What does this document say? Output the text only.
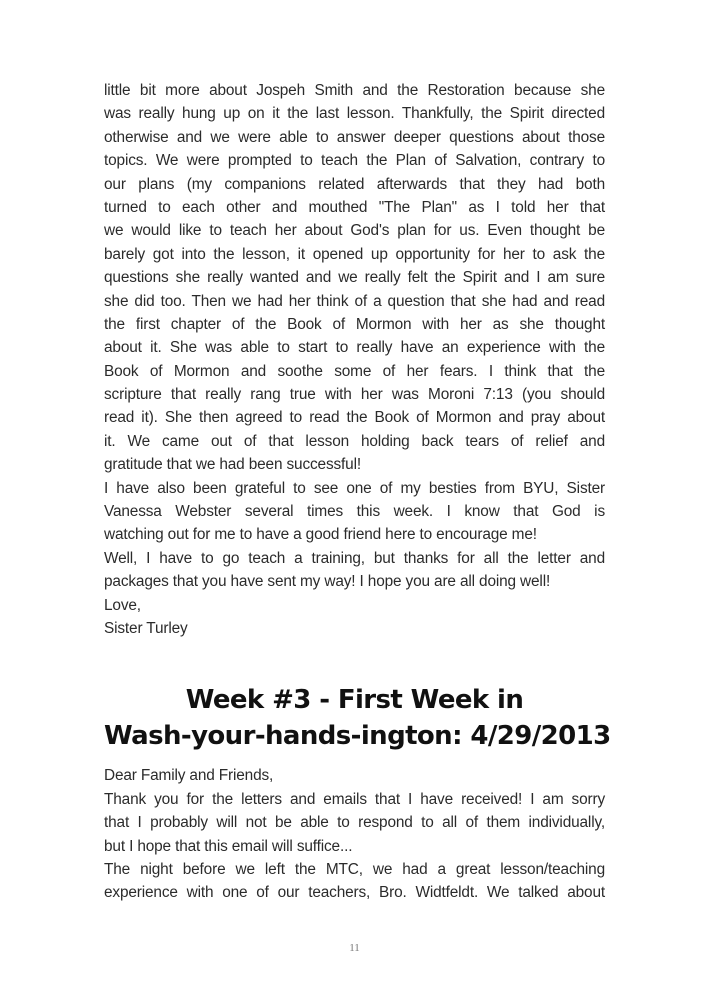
little bit more about Jospeh Smith and the Restoration because she
was really hung up on it the last lesson. Thankfully, the Spirit directed
otherwise and we were able to answer deeper questions about those
topics. We were prompted to teach the Plan of Salvation, contrary to
our plans (my companions related afterwards that they had both
turned to each other and mouthed "The Plan" as I told her that
we would like to teach her about God's plan for us. Even thought be
barely got into the lesson, it opened up opportunity for her to ask the
questions she really wanted and we really felt the Spirit and I am sure
she did too. Then we had her think of a question that she had and read
the first chapter of the Book of Mormon with her as she thought
about it. She was able to start to really have an experience with the
Book of Mormon and soothe some of her fears. I think that the
scripture that really rang true with her was Moroni 7:13 (you should
read it). She then agreed to read the Book of Mormon and pray about
it. We came out of that lesson holding back tears of relief and
gratitude that we had been successful!
I have also been grateful to see one of my besties from BYU, Sister
Vanessa Webster several times this week. I know that God is
watching out for me to have a good friend here to encourage me!
Well, I have to go teach a training, but thanks for all the letter and
packages that you have sent my way! I hope you are all doing well!
Love,
Sister Turley
Week #3 - First Week in
Wash-your-hands-ington: 4/29/2013
Dear Family and Friends,
Thank you for the letters and emails that I have received! I am sorry
that I probably will not be able to respond to all of them individually,
but I hope that this email will suffice...
The night before we left the MTC, we had a great lesson/teaching
experience with one of our teachers, Bro. Widtfeldt. We talked about
11
